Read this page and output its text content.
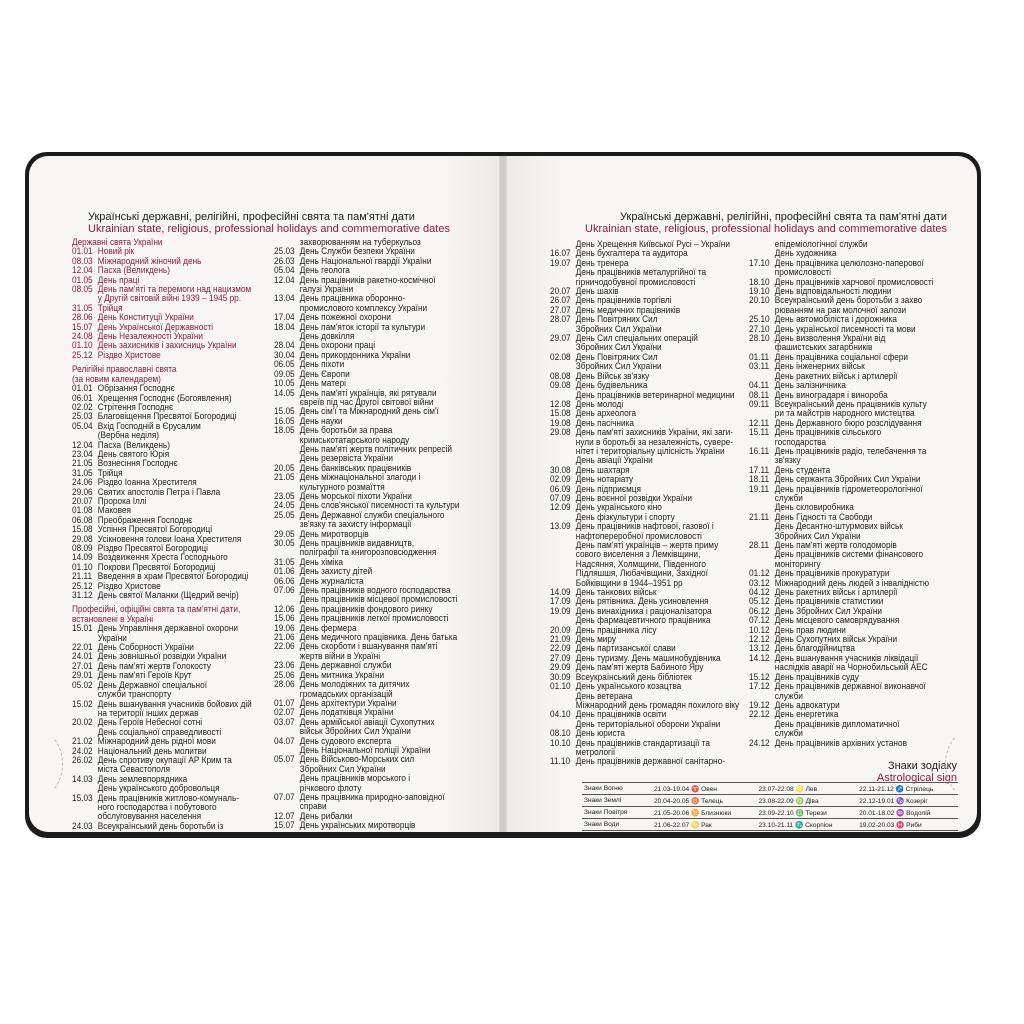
Українські державні, релігійні, професійні свята та пам'ятні дати
Ukrainian state, religious, professional holidays and commemorative dates
Державні свята України
01.01 Новий рік
08.03 Міжнародний жіночий день
12.04 Пасха (Великдень)
01.05 День праці
08.05 День пам'яті та перемоги над нацизмом
у Другій світовій війні 1939 – 1945 рр.
31.05 Трійця
28.06 День Конституції України
15.07 День Української Державності
24.08 День Незалежності України
01.10 День захисників і захисниць України
25.12 Різдво Христове
Релігійні православні свята
(за новим календарем)
01.01 Обрізання Господнє
06.01 Хрещення Господнє (Богоявлення)
02.02 Стрітення Господнє
25.03 Благовіщення Пресвятої Богородиці
05.04 Вхід Господній в Єрусалим
(Вербна неділя)
12.04 Пасха (Великдень)
23.04 День святого Юрія
21.05 Вознесіння Господнє
31.05 Трійця
24.06 Різдво Іоанна Хрестителя
29.06 Святих апостолів Петра і Павла
20.07 Пророка Іллі
01.08 Маковея
06.08 Преображення Господнє
15.08 Успіння Пресвятої Богородиці
29.08 Усікновення голови Іоана Хрестителя
08.09 Різдво Пресвятої Богородиці
14.09 Воздвиження Хреста Господнього
01.10 Покрови Пресвятої Богородиці
21.11 Введення в храм Пресвятої Богородиці
25.12 Різдво Христове
31.12 День святої Маланки (Щедрий вечір)
Професійні, офіційні свята та пам'ятні дати,
встановлені в Україні
15.01 День Управління державної охорони
України
22.01 День Соборності України
24.01 День зовнішньої розвідки України
27.01 День пам'яті жертв Голокосту
29.01 День пам'яті Героїв Крут
05.02 День Державної спеціальної
служби транспорту
15.02 День вшанування учасників бойових дій
на території інших держав
20.02 День Героїв Небесної сотні
День соціальної справедливості
21.02 Міжнародний день рідної мови
24.02 Національний день молитви
26.02 День спротиву окупації АР Крим та
міста Севастополя
14.03 День землевпорядника
День українського добровольця
15.03 День працівників житлово-комуналь-
ного господарства і побутового
обслуговування населення
24.03 Всеукраїнський день боротьби із
захворюванням на туберкульоз
25.03 День Служби безпеки України
26.03 День Національної гвардії України
05.04 День геолога
12.04 День працівників ракетно-космічної
галузі України
13.04 День працівника оборонно-
промислового комплексу України
17.04 День пожежної охорони
18.04 День пам'яток історії та культури
День довкілля
28.04 День охорони праці
30.04 День прикордонника України
06.05 День піхоти
09.05 День Європи
10.05 День матері
14.05 День пам'яті українців, які рятували
євреїв під час Другої світової війни
15.05 День сім'ї та Міжнародний день сім'ї
16.05 День науки
18.05 День боротьби за права
кримськотатарського народу
День пам'яті жертв політичних репресій
День резервіста України
20.05 День банківських працівників
21.05 День міжнаціональної злагоди і
культурного розмаїття
23.05 День морської піхоти України
24.05 День слов'янської писемності та культури
25.05 День Державної служби спеціального
зв'язку та захисту інформації
29.05 День миротворців
30.05 День працівників видавництв,
поліграфії та книгорозповсюдження
31.05 День хіміка
01.06 День захисту дітей
06.06 День журналіста
07.06 День працівників водного господарства
День працівників місцевої промисловості
12.06 День працівників фондового ринку
15.06 День працівників легкої промисловості
19.06 День фермера
21.06 День медичного працівника. День батька
22.06 День скорботи і вшанування пам'яті
жертв війни в Україні
23.06 День державної служби
25.06 День митника України
28.06 День молодіжних та дитячих
громадських організацій
01.07 День архітектури України
02.07 День податківця України
03.07 День армійської авіації Сухопутних
військ Збройних Сил України
04.07 День судового експерта
День Національної поліції України
05.07 День Військово-Морських сил
Збройних Сил України
День працівників морського і
річкового флоту
07.07 День працівника природно-заповідної
справи
12.07 День рибалки
15.07 День українських миротворців
Українські державні, релігійні, професійні свята та пам'ятні дати
Ukrainian state, religious, professional holidays and commemorative dates
День Хрещення Київської Русі – України
16.07 День бухгалтера та аудитора
19.07 День тренера
День працівників металургійної та
гірничодобувної промисловості
20.07 День шахів
26.07 День працівників торгівлі
27.07 День медичних працівників
28.07 День Повітряних Сил
Збройних Сил України
29.07 День Сил спеціальних операцій
Збройних Сил України
02.08 День Повітряних Сил
Збройних Сил України
08.08 День Військ зв'язку
09.08 День будівельника
День працівників ветеринарної медицини
12.08 День молоді
15.08 День археолога
19.08 День пасічника
29.08 День пам'яті захисників України, які заги-
нули в боротьбі за незалежність, сувере-
нітет і територіальну цілісність України
День авіації України
30.08 День шахтаря
02.09 День нотаріату
06.09 День підприємця
07.09 День воєнної розвідки України
12.09 День українського кіно
День фізкультури і спорту
13.09 День працівників нафтової, газової і
нафтопереробної промисловості
День пам'яті українців – жертв приму
сового виселення з Лемківщини,
Надсяння, Холмщини, Південного
Підляшшя, Любачівщини, Західної
Бойківщини в 1944–1951 рр
14.09 День танкових військ
17.09 День рятівника. День усиновлення
19.09 День винахідника і раціоналізатора
День фармацевтичного працівника
20.09 День працівника лісу
21.09 День миру
22.09 День партизанської слави
27.09 День туризму. День машинобудівника
29.09 День пам'яті жертв Бабиного Яру
30.09 Всеукраїнський день бібліотек
01.10 День українського козацтва
День ветерана
Міжнародний день громадян похилого віку
04.10 День працівників освіти
День територіальної оборони України
08.10 День юриста
10.10 День працівників стандартизації та
метрології
11.10 День працівників державної санітарно-
епідеміологічної служби
День художника
17.10 День працівника целюлозно-паперової
промисловості
18.10 День працівників харчової промисловості
19.10 День відповідальності людини
20.10 Всеукраїнський день боротьби з захво
рюванням на рак молочної залози
25.10 День автомобіліста і дорожника
27.10 День української писемності та мови
28.10 День визволення України від
фашистських загарбників
01.11 День працівника соціальної сфери
03.11 День інженерних військ
День ракетних військ і артилерії
04.11 День залізничника
08.11 День виноградаря і винороба
09.11 Всеукраїнський день працівників культу
ри та майстрів народного мистецтва
12.11 День Державного бюро розслідування
15.11 День працівників сільського
господарства
16.11 День працівників радіо, телебачення та
зв'язку
17.11 День студента
18.11 День сержанта Збройних Сил України
19.11 День працівників гідрометеорологічної
служби
День скловиробника
21.11 День Гідності та Свободи
День Десантно-штурмових військ
Збройних Сил України
28.11 День пам'яті жертв голодоморів
День працівників системи фінансового
моніторингу
01.12 День працівників прокуратури
03.12 Міжнародний день людей з інвалідністю
04.12 День ракетних військ і артилерії
05.12 День працівників статистики
06.12 День Збройних Сил України
07.12 День місцевого самоврядування
10.12 День прав людини
12.12 День Сухопутних військ України
13.12 День благодійництва
14.12 День вшанування учасників ліквідації
наслідків аварії на Чорнобильській АЕС
15.12 День працівників суду
17.12 День працівників державної виконавчої
служби
19.12 День адвокатури
22.12 День енергетика
День працівників дипломатичної
служби
24.12 День працівників архівних установ
Знаки зодіаку
Astrological sign
Знаки Вогню	21.03-19.04 ♈ Овен	23.07-22.08 ♌ Лев	22.11-21.12 ♐ Стрілець
Знаки Землі	20.04-20.05 ♉ Телець	23.08-22.09 ♍ Діва	22.12-19.01 ♑ Козеріг
Знаки Повітря	21.05-20.06 ♊ Близнюки	23.09-22.10 ♎ Терези	20.01-18.02 ♒ Водолій
Знаки Води	21.06-22.07 ♋ Рак	23.10-21.11 ♏ Скорпіон	19.02-20.03 ♓ Риби
